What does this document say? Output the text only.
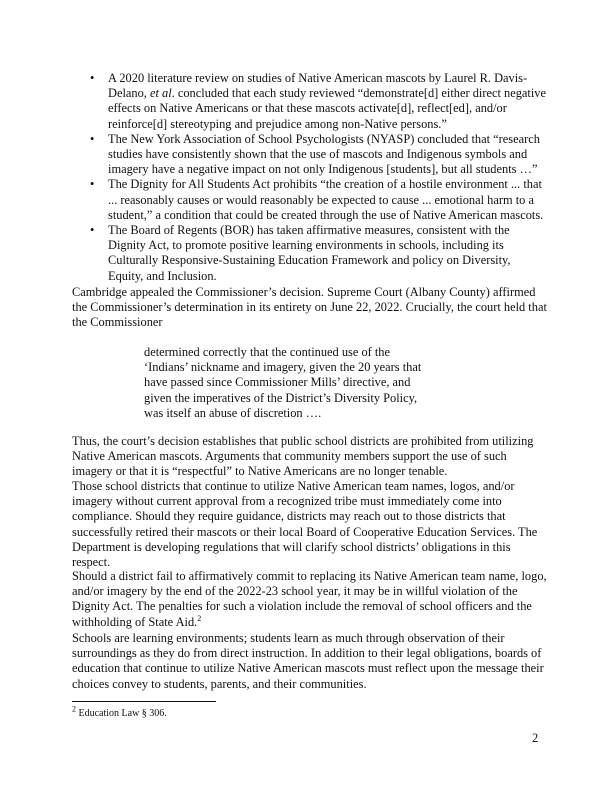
• A 2020 literature review on studies of Native American mascots by Laurel R. Davis-Delano, et al. concluded that each study reviewed “demonstrate[d] either direct negative effects on Native Americans or that these mascots activate[d], reflect[ed], and/or reinforce[d] stereotyping and prejudice among non-Native persons.”
• The New York Association of School Psychologists (NYASP) concluded that “research studies have consistently shown that the use of mascots and Indigenous symbols and imagery have a negative impact on not only Indigenous [students], but all students …”
• The Dignity for All Students Act prohibits “the creation of a hostile environment ... that ... reasonably causes or would reasonably be expected to cause ... emotional harm to a student,” a condition that could be created through the use of Native American mascots.
• The Board of Regents (BOR) has taken affirmative measures, consistent with the Dignity Act, to promote positive learning environments in schools, including its Culturally Responsive-Sustaining Education Framework and policy on Diversity, Equity, and Inclusion.

Cambridge appealed the Commissioner’s decision. Supreme Court (Albany County) affirmed the Commissioner’s determination in its entirety on June 22, 2022. Crucially, the court held that the Commissioner

determined correctly that the continued use of the ‘Indians’ nickname and imagery, given the 20 years that have passed since Commissioner Mills’ directive, and given the imperatives of the District’s Diversity Policy, was itself an abuse of discretion ….

Thus, the court’s decision establishes that public school districts are prohibited from utilizing Native American mascots. Arguments that community members support the use of such imagery or that it is “respectful” to Native Americans are no longer tenable.

Those school districts that continue to utilize Native American team names, logos, and/or imagery without current approval from a recognized tribe must immediately come into compliance. Should they require guidance, districts may reach out to those districts that successfully retired their mascots or their local Board of Cooperative Education Services. The Department is developing regulations that will clarify school districts’ obligations in this respect.

Should a district fail to affirmatively commit to replacing its Native American team name, logo, and/or imagery by the end of the 2022-23 school year, it may be in willful violation of the Dignity Act. The penalties for such a violation include the removal of school officers and the withholding of State Aid.$^2$

Schools are learning environments; students learn as much through observation of their surroundings as they do from direct instruction. In addition to their legal obligations, boards of education that continue to utilize Native American mascots must reflect upon the message their choices convey to students, parents, and their communities.

$^2$ Education Law § 306.
2
